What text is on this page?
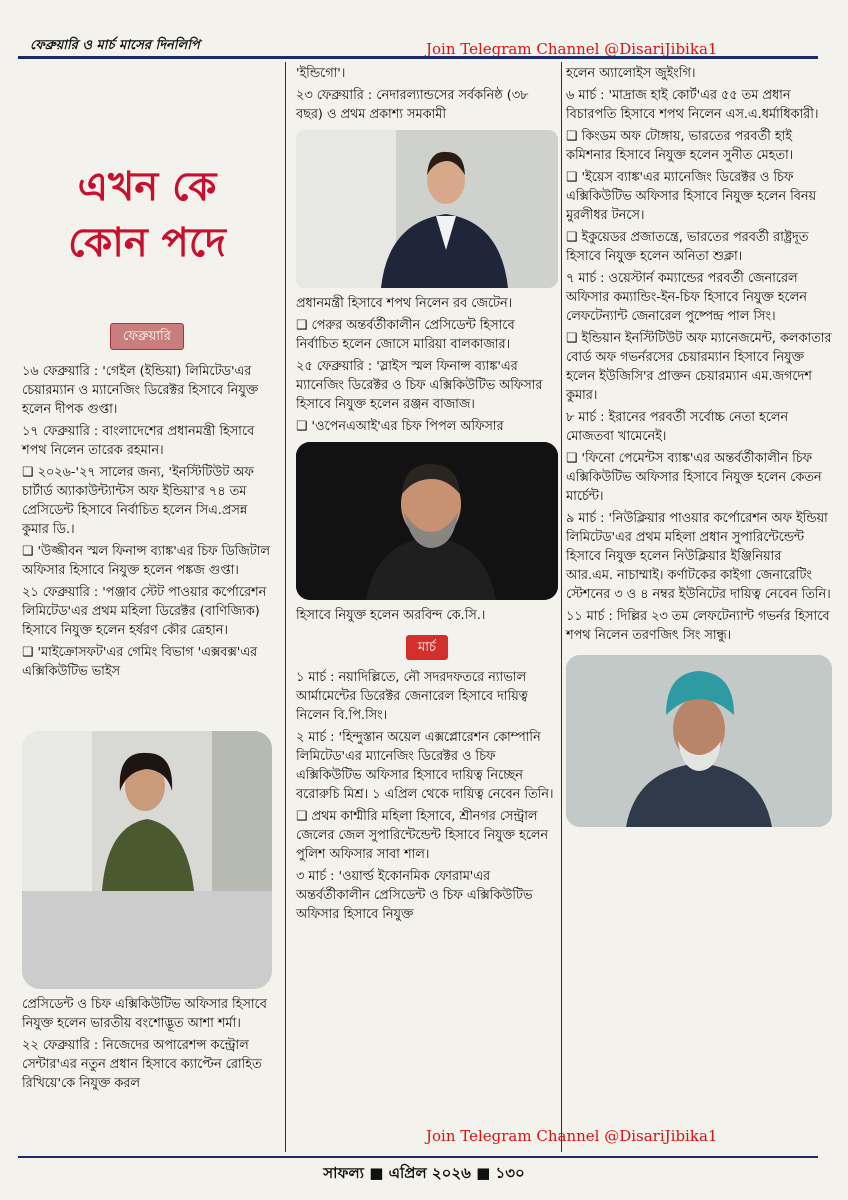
ফেব্রুয়ারি ও মার্চ মাসের দিনলিপি	Join Telegram Channel @DisariJibika1
এখন কে
কোন পদে
ফেব্রুয়ারি

১৬ ফেব্রুয়ারি : 'গেইল (ইন্ডিয়া) লিমিটেড'এর চেয়ারম্যান ও ম্যানেজিং ডিরেক্টর হিসাবে নিযুক্ত হলেন দীপক গুপ্তা।

১৭ ফেব্রুয়ারি : বাংলাদেশের প্রধানমন্ত্রী হিসাবে শপথ নিলেন তারেক রহমান।

❑ ২০২৬-'২৭ সালের জন্য, 'ইনস্টিটিউট অফ চার্টার্ড অ্যাকাউন্ট্যান্টস অফ ইন্ডিয়া'র ৭৪ তম প্রেসিডেন্ট হিসাবে নির্বাচিত হলেন সিএ.প্রসন্ন কুমার ডি.।

❑ 'উজ্জীবন স্মল ফিনান্স ব্যাঙ্ক'এর চিফ ডিজিটাল অফিসার হিসাবে নিযুক্ত হলেন পঙ্কজ গুপ্তা।

২১ ফেব্রুয়ারি : 'পঞ্জাব স্টেট পাওয়ার কর্পোরেশন লিমিটেড'এর প্রথম মহিলা ডিরেক্টর (বাণিজ্যিক) হিসাবে নিযুক্ত হলেন হর্ষরণ কৌর ত্রেহান।

❑ 'মাইক্রোসফট'এর গেমিং বিভাগ 'এক্সবক্স'এর এক্সিকিউটিভ ভাইস

প্রেসিডেন্ট ও চিফ এক্সিকিউটিভ অফিসার হিসাবে নিযুক্ত হলেন ভারতীয় বংশোদ্ভূত আশা শর্মা।

২২ ফেব্রুয়ারি : নিজেদের অপারেশন্স কন্ট্রোল সেন্টার'এর নতুন প্রধান হিসাবে ক্যাপ্টেন রোহিত রিখিয়ে'কে নিযুক্ত করল

'ইন্ডিগো'।

২৩ ফেব্রুয়ারি : নেদারল্যান্ডসের সর্বকনিষ্ঠ (৩৮ বছর) ও প্রথম প্রকাশ্য সমকামী

প্রধানমন্ত্রী হিসাবে শপথ নিলেন রব জেটেন।

❑ পেরুর অন্তর্বর্তীকালীন প্রেসিডেন্ট হিসাবে নির্বাচিত হলেন জোসে মারিয়া বালকাজার।

২৫ ফেব্রুয়ারি : 'স্লাইস স্মল ফিনান্স ব্যাঙ্ক'এর ম্যানেজিং ডিরেক্টর ও চিফ এক্সিকিউটিভ অফিসার হিসাবে নিযুক্ত হলেন রঞ্জন বাজাজ।

❑ 'ওপেনএআই'এর চিফ পিপল অফিসার

হিসাবে নিযুক্ত হলেন অরবিন্দ কে.সি.।

মার্চ

১ মার্চ : নয়াদিল্লিতে, নৌ সদরদফতরে ন্যাভাল আর্মামেন্টের ডিরেক্টর জেনারেল হিসাবে দায়িত্ব নিলেন বি.পি.সিং।

২ মার্চ : 'হিন্দুস্তান অয়েল এক্সপ্লোরেশন কোম্পানি লিমিটেড'এর ম্যানেজিং ডিরেক্টর ও চিফ এক্সিকিউটিভ অফিসার হিসাবে দায়িত্ব নিচ্ছেন বরোরুচি মিশ্র। ১ এপ্রিল থেকে দায়িত্ব নেবেন তিনি।

❑ প্রথম কাশ্মীরি মহিলা হিসাবে, শ্রীনগর সেন্ট্রাল জেলের জেল সুপারিন্টেন্ডেন্ট হিসাবে নিযুক্ত হলেন পুলিশ অফিসার সাবা শাল।

৩ মার্চ : 'ওয়ার্ল্ড ইকোনমিক ফোরাম'এর অন্তর্বর্তীকালীন প্রেসিডেন্ট ও চিফ এক্সিকিউটিভ অফিসার হিসাবে নিযুক্ত

হলেন অ্যালোইস জুইংগি।

৬ মার্চ : 'মাদ্রাজ হাই কোর্ট'এর ৫৫ তম প্রধান বিচারপতি হিসাবে শপথ নিলেন এস.এ.ধর্মাধিকারী।

❑ কিংডম অফ টোঙ্গায়, ভারতের পরবর্তী হাই কমিশনার হিসাবে নিযুক্ত হলেন সুনীত মেহতা।

❑ 'ইয়েস ব্যাঙ্ক'এর ম্যানেজিং ডিরেক্টর ও চিফ এক্সিকিউটিভ অফিসার হিসাবে নিযুক্ত হলেন বিনয় মুরলীধর টনসে।

❑ ইকুয়েডর প্রজাতন্ত্রে, ভারতের পরবর্তী রাষ্ট্রদূত হিসাবে নিযুক্ত হলেন অনিতা শুক্লা।

৭ মার্চ : ওয়েস্টার্ন কম্যান্ডের পরবর্তী জেনারেল অফিসার কম্যান্ডিং-ইন-চিফ হিসাবে নিযুক্ত হলেন লেফটেন্যান্ট জেনারেল পুষ্পেন্দ্র পাল সিং।

❑ ইন্ডিয়ান ইনস্টিটিউট অফ ম্যানেজমেন্ট, কলকাতার বোর্ড অফ গভর্নরসের চেয়ারম্যান হিসাবে নিযুক্ত হলেন ইউজিসি'র প্রাক্তন চেয়ারম্যান এম.জগদেশ কুমার।

৮ মার্চ : ইরানের পরবর্তী সর্বোচ্চ নেতা হলেন মোজতবা খামেনেই।

❑ 'ফিনো পেমেন্টস ব্যাঙ্ক'এর অন্তর্বর্তীকালীন চিফ এক্সিকিউটিভ অফিসার হিসাবে নিযুক্ত হলেন কেতন মার্চেন্ট।

৯ মার্চ : 'নিউক্লিয়ার পাওয়ার কর্পোরেশন অফ ইন্ডিয়া লিমিটেড'এর প্রথম মহিলা প্রধান সুপারিন্টেন্ডেন্ট হিসাবে নিযুক্ত হলেন নিউক্লিয়ার ইঞ্জিনিয়ার আর.এম. নাচাম্মাই। কর্ণাটকের কাইগা জেনারেটিং স্টেশনের ৩ ও ৪ নম্বর ইউনিটের দায়িত্ব নেবেন তিনি।

১১ মার্চ : দিল্লির ২৩ তম লেফটেন্যান্ট গভর্নর হিসাবে শপথ নিলেন তরণজিৎ সিং সান্ধু।

Join Telegram Channel @DisariJibika1
সাফল্য ■ এপ্রিল ২০২৬ ■ ১৩০
